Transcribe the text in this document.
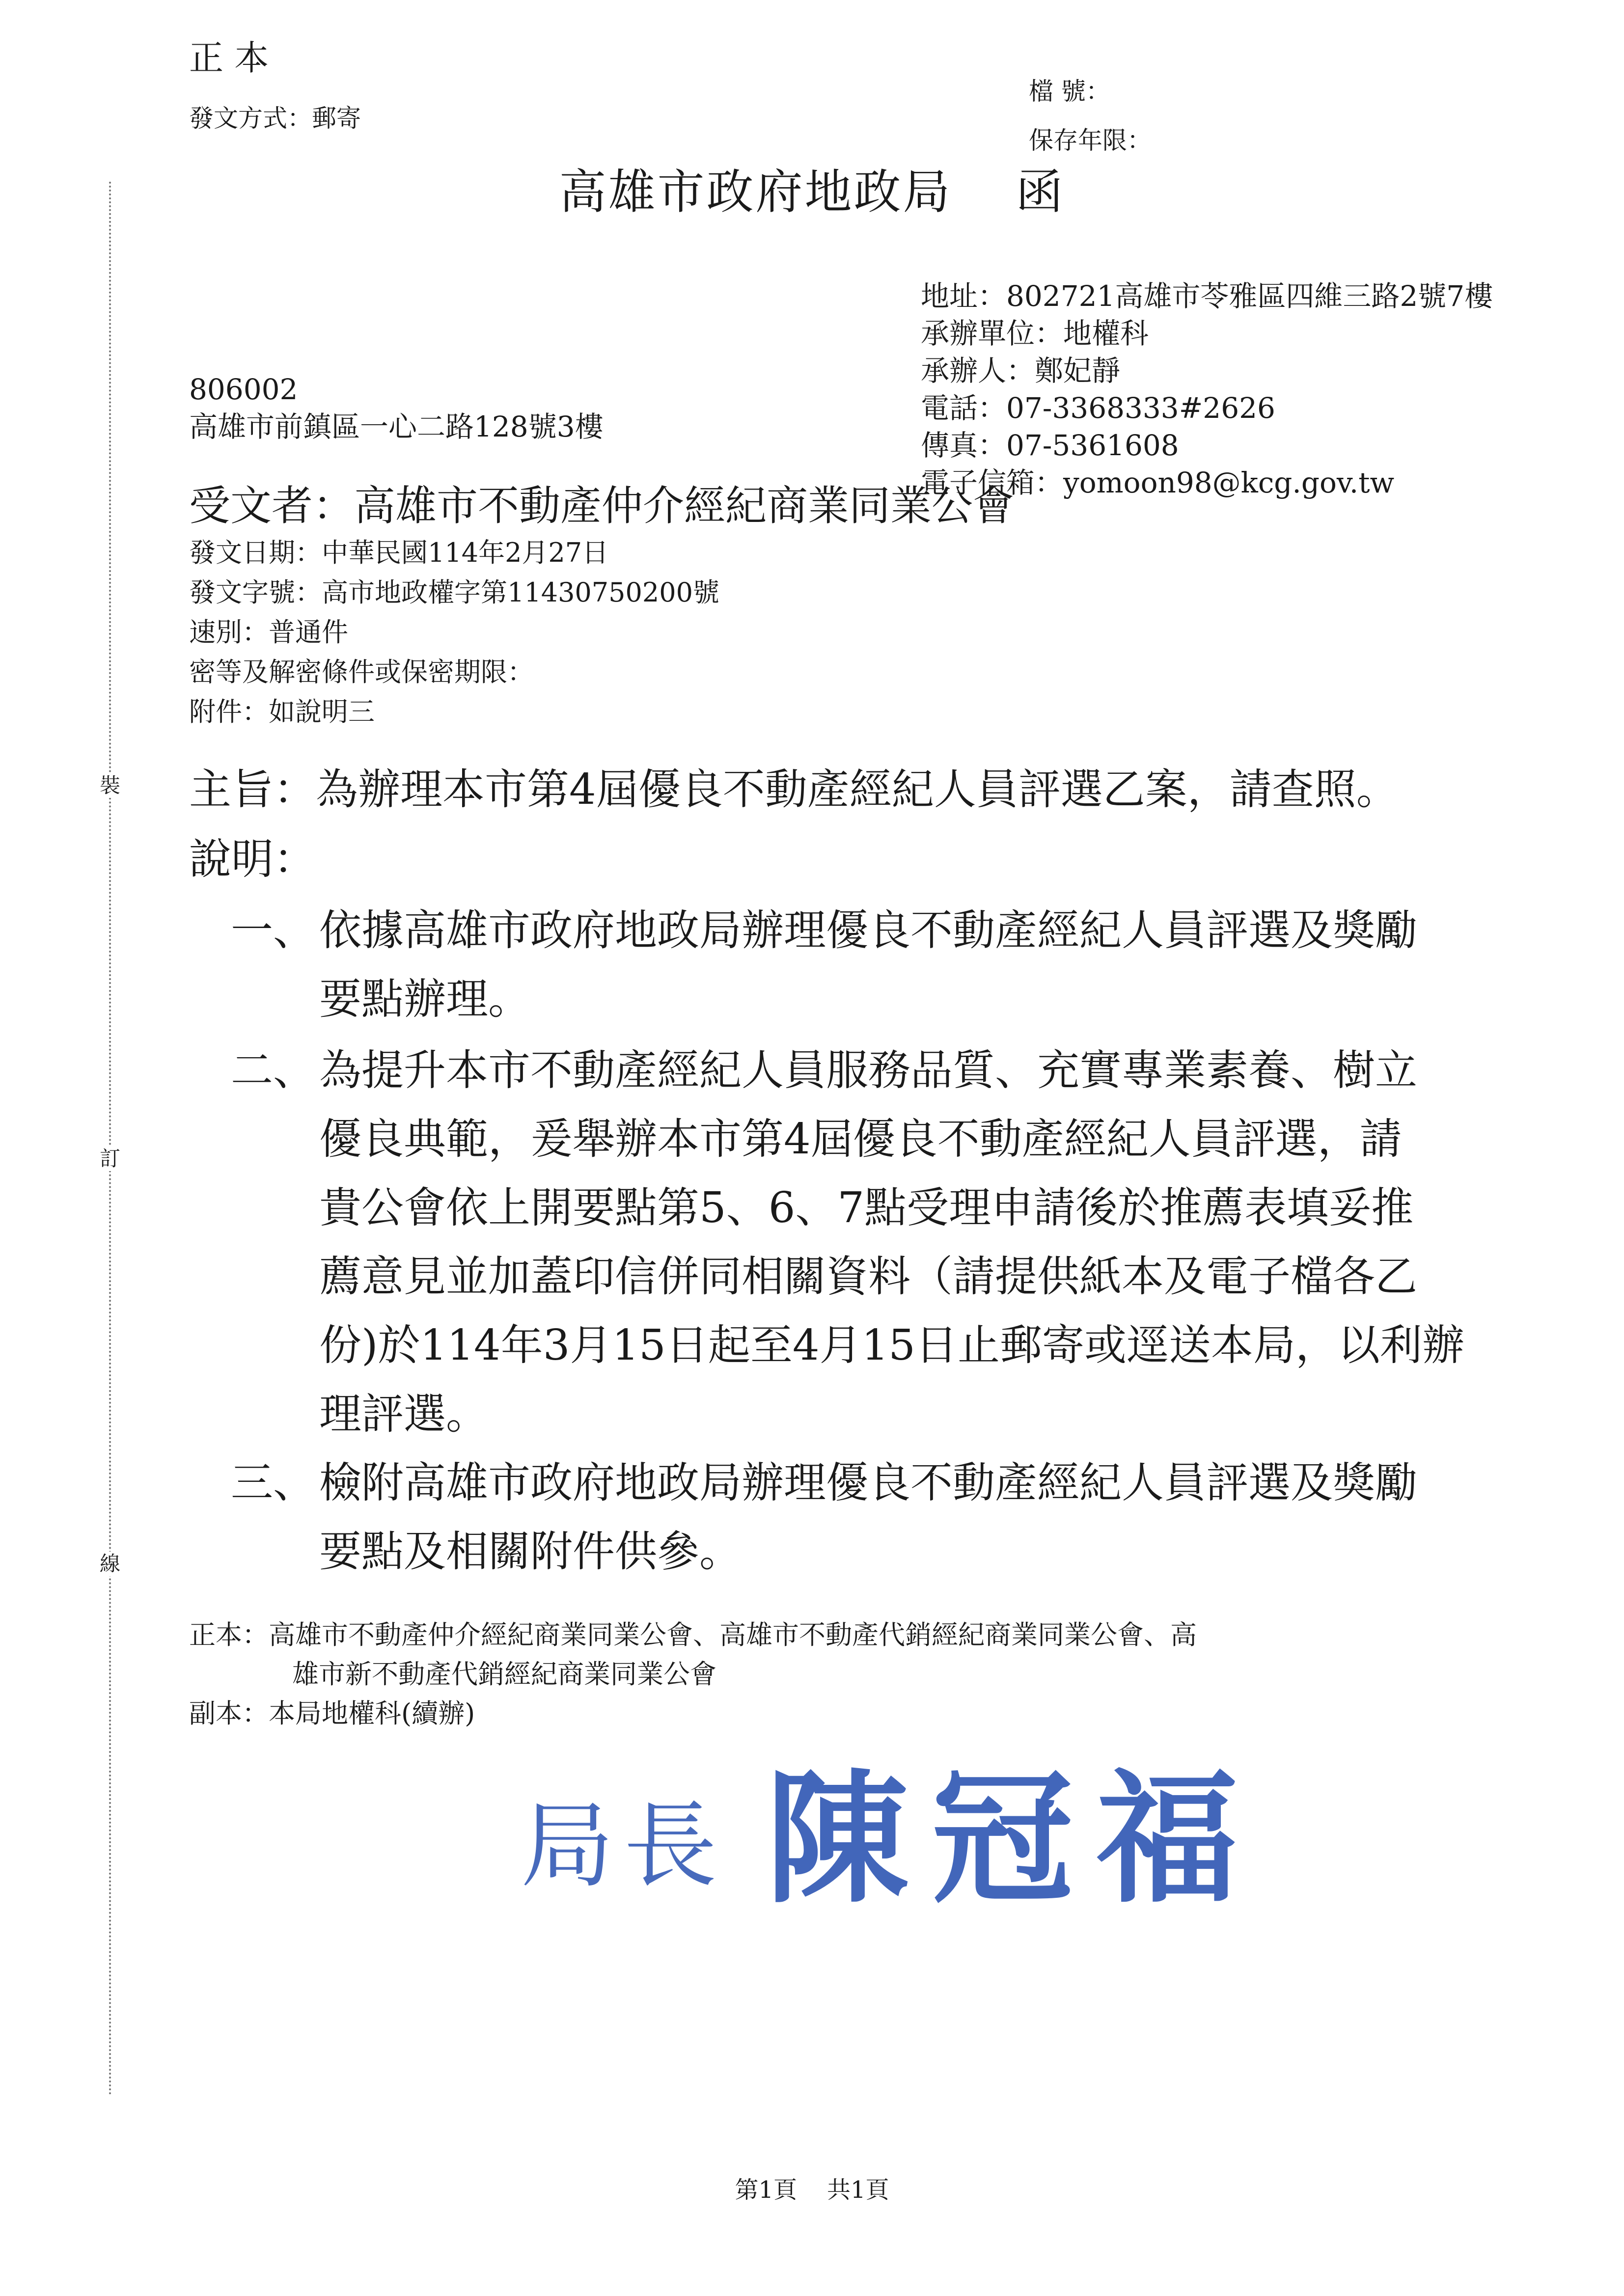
裝
訂
線
正 本
發文方式：郵寄
檔 號：
保存年限：
高雄市政府地政局 函
地址：802721高雄市苓雅區四維三路2號7樓
承辦單位：地權科
承辦人：鄭妃靜
電話：07-3368333#2626
傳真：07-5361608
電子信箱：yomoon98@kcg.gov.tw
806002
高雄市前鎮區一心二路128號3樓
受文者：高雄市不動產仲介經紀商業同業公會
發文日期：中華民國114年2月27日
發文字號：高市地政權字第11430750200號
速別：普通件
密等及解密條件或保密期限：
附件：如說明三
主旨：為辦理本市第4屆優良不動產經紀人員評選乙案，請查照。
說明：
一、 依據高雄市政府地政局辦理優良不動產經紀人員評選及獎勵
要點辦理。
二、 為提升本市不動產經紀人員服務品質、充實專業素養、樹立
優良典範，爰舉辦本市第4屆優良不動產經紀人員評選，請
貴公會依上開要點第5、6、7點受理申請後於推薦表填妥推
薦意見並加蓋印信併同相關資料（請提供紙本及電子檔各乙
份)於114年3月15日起至4月15日止郵寄或逕送本局，以利辦
理評選。
三、 檢附高雄市政府地政局辦理優良不動產經紀人員評選及獎勵
要點及相關附件供參。
正本：高雄市不動產仲介經紀商業同業公會、高雄市不動產代銷經紀商業同業公會、高
雄市新不動產代銷經紀商業同業公會
副本：本局地權科(續辦)
局長 陳冠福
第1頁 共1頁
